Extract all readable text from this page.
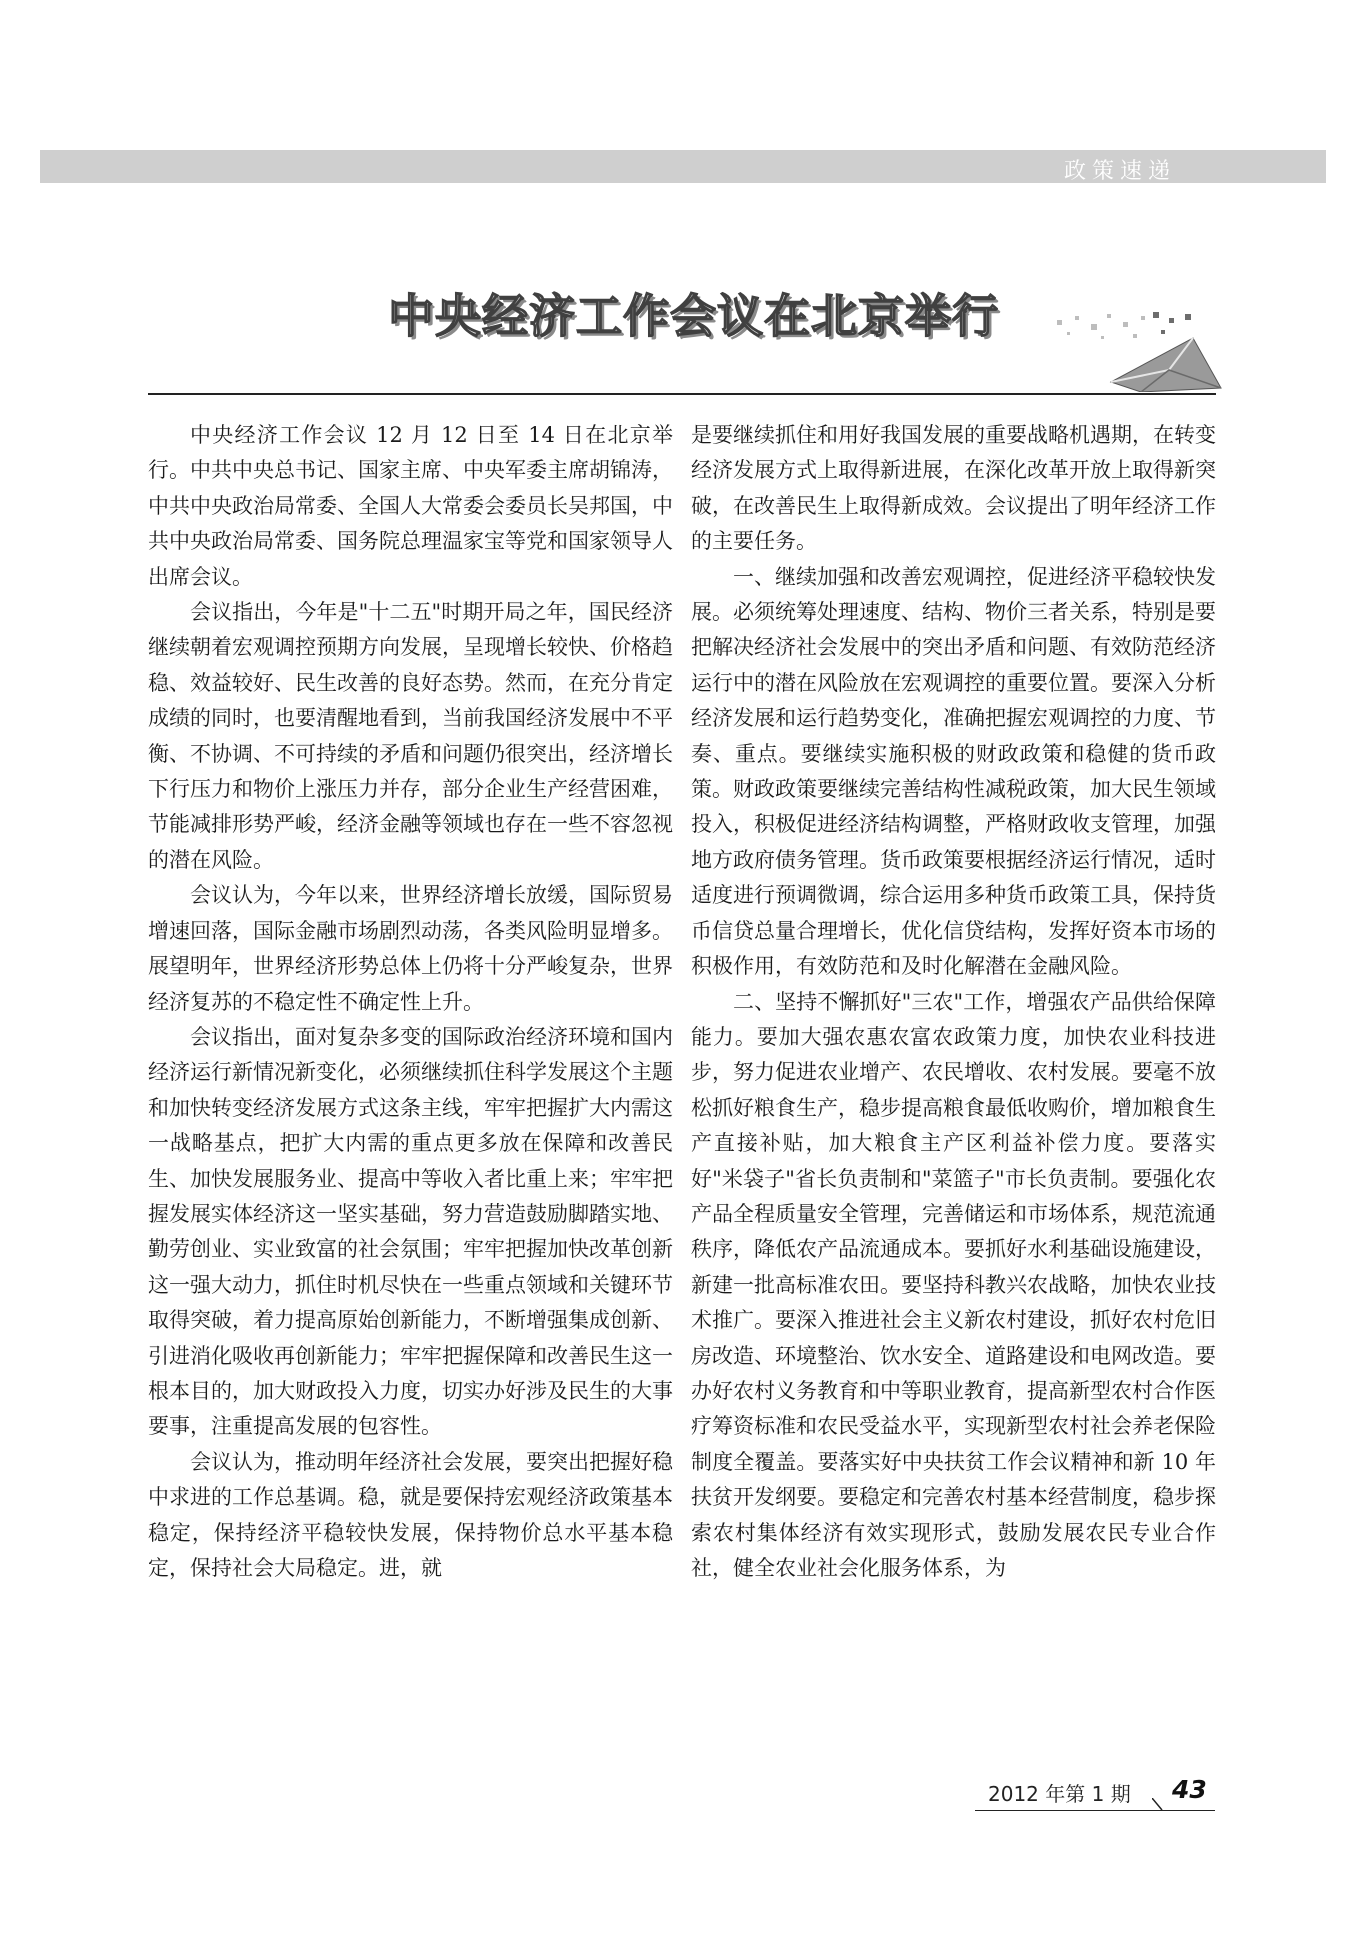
政策速递
中央经济工作会议在北京举行

中央经济工作会议 12 月 12 日至 14 日在北京举行。中共中央总书记、国家主席、中央军委主席胡锦涛，中共中央政治局常委、全国人大常委会委员长吴邦国，中共中央政治局常委、国务院总理温家宝等党和国家领导人出席会议。

会议指出，今年是"十二五"时期开局之年，国民经济继续朝着宏观调控预期方向发展，呈现增长较快、价格趋稳、效益较好、民生改善的良好态势。然而，在充分肯定成绩的同时，也要清醒地看到，当前我国经济发展中不平衡、不协调、不可持续的矛盾和问题仍很突出，经济增长下行压力和物价上涨压力并存，部分企业生产经营困难，节能减排形势严峻，经济金融等领域也存在一些不容忽视的潜在风险。

会议认为，今年以来，世界经济增长放缓，国际贸易增速回落，国际金融市场剧烈动荡，各类风险明显增多。展望明年，世界经济形势总体上仍将十分严峻复杂，世界经济复苏的不稳定性不确定性上升。

会议指出，面对复杂多变的国际政治经济环境和国内经济运行新情况新变化，必须继续抓住科学发展这个主题和加快转变经济发展方式这条主线，牢牢把握扩大内需这一战略基点，把扩大内需的重点更多放在保障和改善民生、加快发展服务业、提高中等收入者比重上来；牢牢把握发展实体经济这一坚实基础，努力营造鼓励脚踏实地、勤劳创业、实业致富的社会氛围；牢牢把握加快改革创新这一强大动力，抓住时机尽快在一些重点领域和关键环节取得突破，着力提高原始创新能力，不断增强集成创新、引进消化吸收再创新能力；牢牢把握保障和改善民生这一根本目的，加大财政投入力度，切实办好涉及民生的大事要事，注重提高发展的包容性。

会议认为，推动明年经济社会发展，要突出把握好稳中求进的工作总基调。稳，就是要保持宏观经济政策基本稳定，保持经济平稳较快发展，保持物价总水平基本稳定，保持社会大局稳定。进，就

是要继续抓住和用好我国发展的重要战略机遇期，在转变经济发展方式上取得新进展，在深化改革开放上取得新突破，在改善民生上取得新成效。会议提出了明年经济工作的主要任务。

一、继续加强和改善宏观调控，促进经济平稳较快发展。必须统筹处理速度、结构、物价三者关系，特别是要把解决经济社会发展中的突出矛盾和问题、有效防范经济运行中的潜在风险放在宏观调控的重要位置。要深入分析经济发展和运行趋势变化，准确把握宏观调控的力度、节奏、重点。要继续实施积极的财政政策和稳健的货币政策。财政政策要继续完善结构性减税政策，加大民生领域投入，积极促进经济结构调整，严格财政收支管理，加强地方政府债务管理。货币政策要根据经济运行情况，适时适度进行预调微调，综合运用多种货币政策工具，保持货币信贷总量合理增长，优化信贷结构，发挥好资本市场的积极作用，有效防范和及时化解潜在金融风险。

二、坚持不懈抓好"三农"工作，增强农产品供给保障能力。要加大强农惠农富农政策力度，加快农业科技进步，努力促进农业增产、农民增收、农村发展。要毫不放松抓好粮食生产，稳步提高粮食最低收购价，增加粮食生产直接补贴，加大粮食主产区利益补偿力度。要落实好"米袋子"省长负责制和"菜篮子"市长负责制。要强化农产品全程质量安全管理，完善储运和市场体系，规范流通秩序，降低农产品流通成本。要抓好水利基础设施建设，新建一批高标准农田。要坚持科教兴农战略，加快农业技术推广。要深入推进社会主义新农村建设，抓好农村危旧房改造、环境整治、饮水安全、道路建设和电网改造。要办好农村义务教育和中等职业教育，提高新型农村合作医疗筹资标准和农民受益水平，实现新型农村社会养老保险制度全覆盖。要落实好中央扶贫工作会议精神和新 10 年扶贫开发纲要。要稳定和完善农村基本经营制度，稳步探索农村集体经济有效实现形式，鼓励发展农民专业合作社，健全农业社会化服务体系，为

2012 年第 1 期 43
